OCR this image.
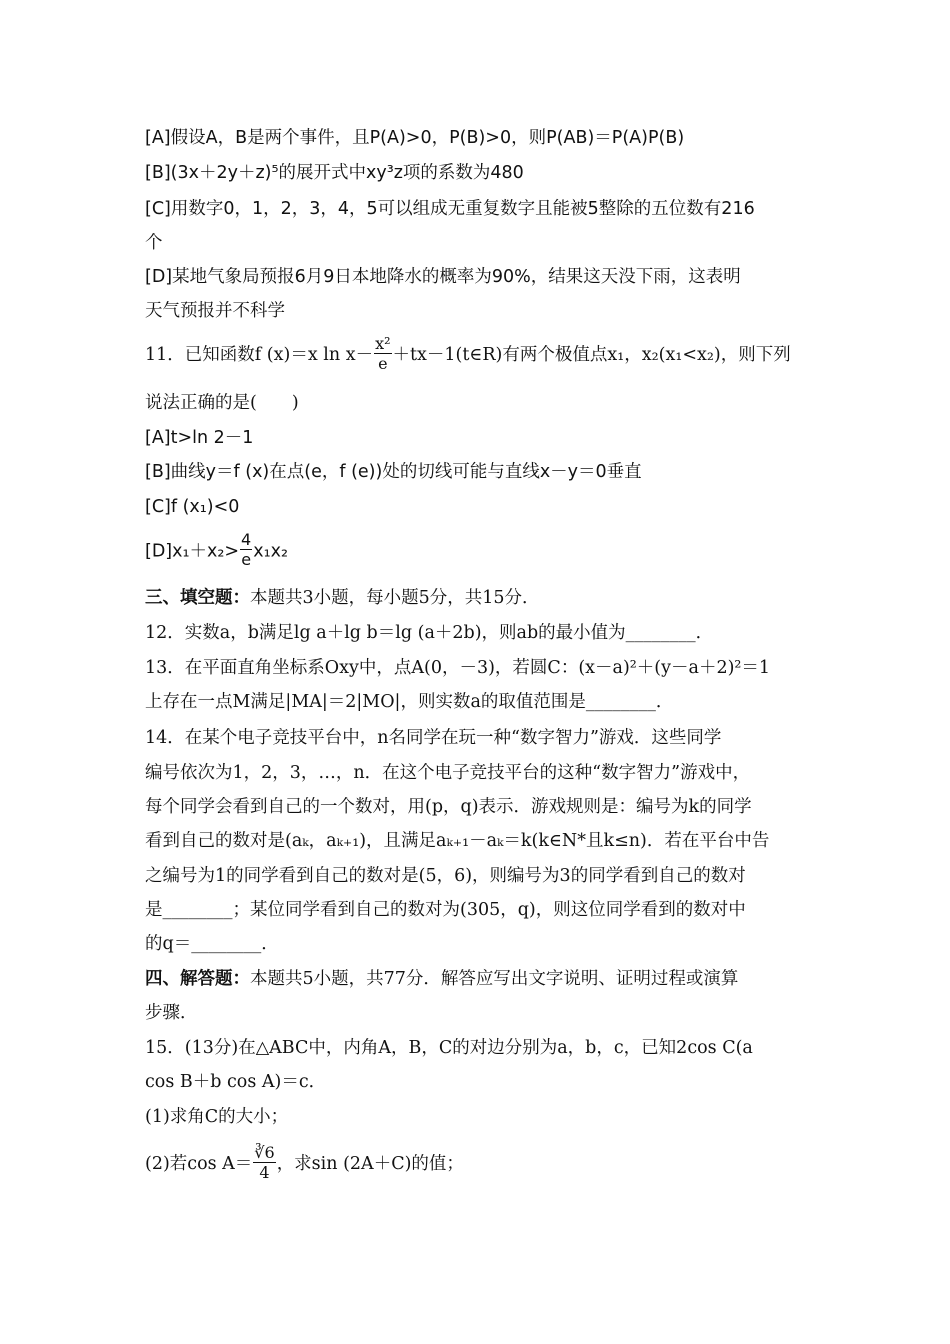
[A]假设A，B是两个事件，且P(A)>0，P(B)>0，则P(AB)＝P(A)P(B)
[B](3x＋2y＋z)⁵的展开式中xy³z项的系数为480
[C]用数字0，1，2，3，4，5可以组成无重复数字且能被5整除的五位数有216
个
[D]某地气象局预报6月9日本地降水的概率为90%，结果这天没下雨，这表明
天气预报并不科学
11．已知函数f (x)＝x $\ln x- \frac{\text{x²}}{e}$ ＋tx－1(t∈R)有两个极值点x₁，x₂(x₁<x₂)，则下列
说法正确的是(　　)
[A]t>ln 2－1
[B]曲线y＝f (x)在点(e，f (e))处的切线可能与直线x－y＝0垂直
[C]f (x₁)<0
$[D]x_1+x_2> \frac{4}{e} x_1x_2$
三、填空题：本题共3小题，每小题5分，共15分．
12．实数a，b满足lg a＋lg b＝lg (a＋2b)，则ab的最小值为________．
13．在平面直角坐标系Oxy中，点A(0，－3)，若圆C：(x－a)²＋(y－a＋2)²＝1
上存在一点M满足|MA|＝2|MO|，则实数a的取值范围是________．
14．在某个电子竞技平台中，n名同学在玩一种“数字智力”游戏．这些同学
编号依次为1，2，3，…，n．在这个电子竞技平台的这种“数字智力”游戏中，
每个同学会看到自己的一个数对，用(p，q)表示．游戏规则是：编号为k的同学
看到自己的数对是(aₖ，aₖ₊₁)，且满足aₖ₊₁－aₖ＝k(k∈N*且k≤n)．若在平台中告
之编号为1的同学看到自己的数对是(5，6)，则编号为3的同学看到自己的数对
是________；某位同学看到自己的数对为(305，q)，则这位同学看到的数对中
的q＝________．
四、解答题：本题共5小题，共77分．解答应写出文字说明、证明过程或演算
步骤．
15．(13分)在△ABC中，内角A，B，C的对边分别为a，b，c，已知2cos C(a
cos B＋b cos A)＝c．
(1)求角C的大小；
(2)若$\cos A= \frac{∛6}{4}$ ，求sin (2A＋C)的值；
